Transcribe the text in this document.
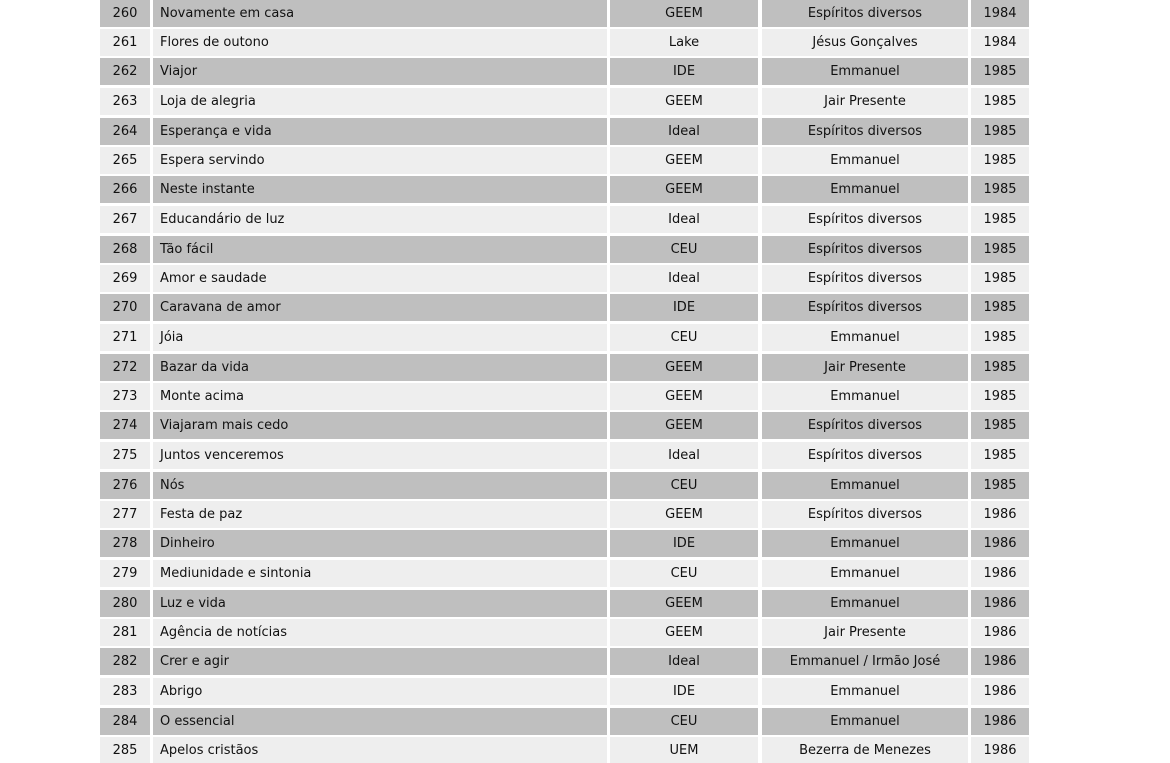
260	Novamente em casa	GEEM	Espíritos diversos	1984
261	Flores de outono	Lake	Jésus Gonçalves	1984
262	Viajor	IDE	Emmanuel	1985
263	Loja de alegria	GEEM	Jair Presente	1985
264	Esperança e vida	Ideal	Espíritos diversos	1985
265	Espera servindo	GEEM	Emmanuel	1985
266	Neste instante	GEEM	Emmanuel	1985
267	Educandário de luz	Ideal	Espíritos diversos	1985
268	Tão fácil	CEU	Espíritos diversos	1985
269	Amor e saudade	Ideal	Espíritos diversos	1985
270	Caravana de amor	IDE	Espíritos diversos	1985
271	Jóia	CEU	Emmanuel	1985
272	Bazar da vida	GEEM	Jair Presente	1985
273	Monte acima	GEEM	Emmanuel	1985
274	Viajaram mais cedo	GEEM	Espíritos diversos	1985
275	Juntos venceremos	Ideal	Espíritos diversos	1985
276	Nós	CEU	Emmanuel	1985
277	Festa de paz	GEEM	Espíritos diversos	1986
278	Dinheiro	IDE	Emmanuel	1986
279	Mediunidade e sintonia	CEU	Emmanuel	1986
280	Luz e vida	GEEM	Emmanuel	1986
281	Agência de notícias	GEEM	Jair Presente	1986
282	Crer e agir	Ideal	Emmanuel / Irmão José	1986
283	Abrigo	IDE	Emmanuel	1986
284	O essencial	CEU	Emmanuel	1986
285	Apelos cristãos	UEM	Bezerra de Menezes	1986
